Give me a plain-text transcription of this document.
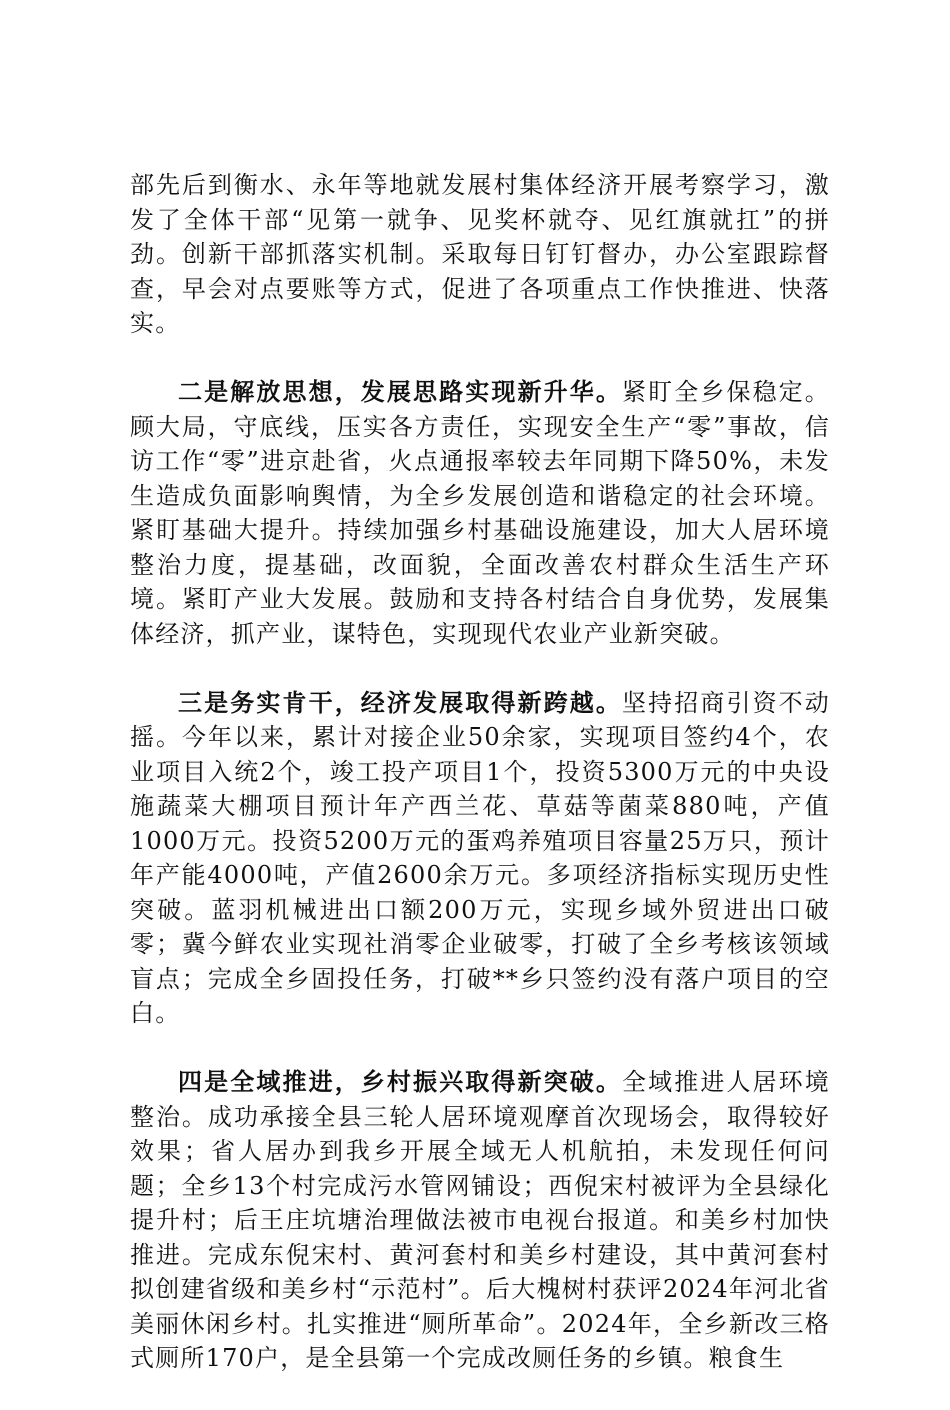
部先后到衡水、永年等地就发展村集体经济开展考察学习，激发了全体干部“见第一就争、见奖杯就夺、见红旗就扛”的拼劲。创新干部抓落实机制。采取每日钉钉督办，办公室跟踪督查，早会对点要账等方式，促进了各项重点工作快推进、快落实。

二是解放思想，发展思路实现新升华。紧盯全乡保稳定。顾大局，守底线，压实各方责任，实现安全生产“零”事故，信访工作“零”进京赴省，火点通报率较去年同期下降50%，未发生造成负面影响舆情，为全乡发展创造和谐稳定的社会环境。紧盯基础大提升。持续加强乡村基础设施建设，加大人居环境整治力度，提基础，改面貌，全面改善农村群众生活生产环境。紧盯产业大发展。鼓励和支持各村结合自身优势，发展集体经济，抓产业，谋特色，实现现代农业产业新突破。

三是务实肯干，经济发展取得新跨越。坚持招商引资不动摇。今年以来，累计对接企业50余家，实现项目签约4个，农业项目入统2个，竣工投产项目1个，投资5300万元的中央设施蔬菜大棚项目预计年产西兰花、草菇等菌菜880吨，产值1000万元。投资5200万元的蛋鸡养殖项目容量25万只，预计年产能4000吨，产值2600余万元。多项经济指标实现历史性突破。蓝羽机械进出口额200万元，实现乡域外贸进出口破零；冀今鲜农业实现社消零企业破零，打破了全乡考核该领域盲点；完成全乡固投任务，打破**乡只签约没有落户项目的空白。

四是全域推进，乡村振兴取得新突破。全域推进人居环境整治。成功承接全县三轮人居环境观摩首次现场会，取得较好效果；省人居办到我乡开展全域无人机航拍，未发现任何问题；全乡13个村完成污水管网铺设；西倪宋村被评为全县绿化提升村；后王庄坑塘治理做法被市电视台报道。和美乡村加快推进。完成东倪宋村、黄河套村和美乡村建设，其中黄河套村拟创建省级和美乡村“示范村”。后大槐树村获评2024年河北省美丽休闲乡村。扎实推进“厕所革命”。2024年，全乡新改三格式厕所170户，是全县第一个完成改厕任务的乡镇。粮食生
